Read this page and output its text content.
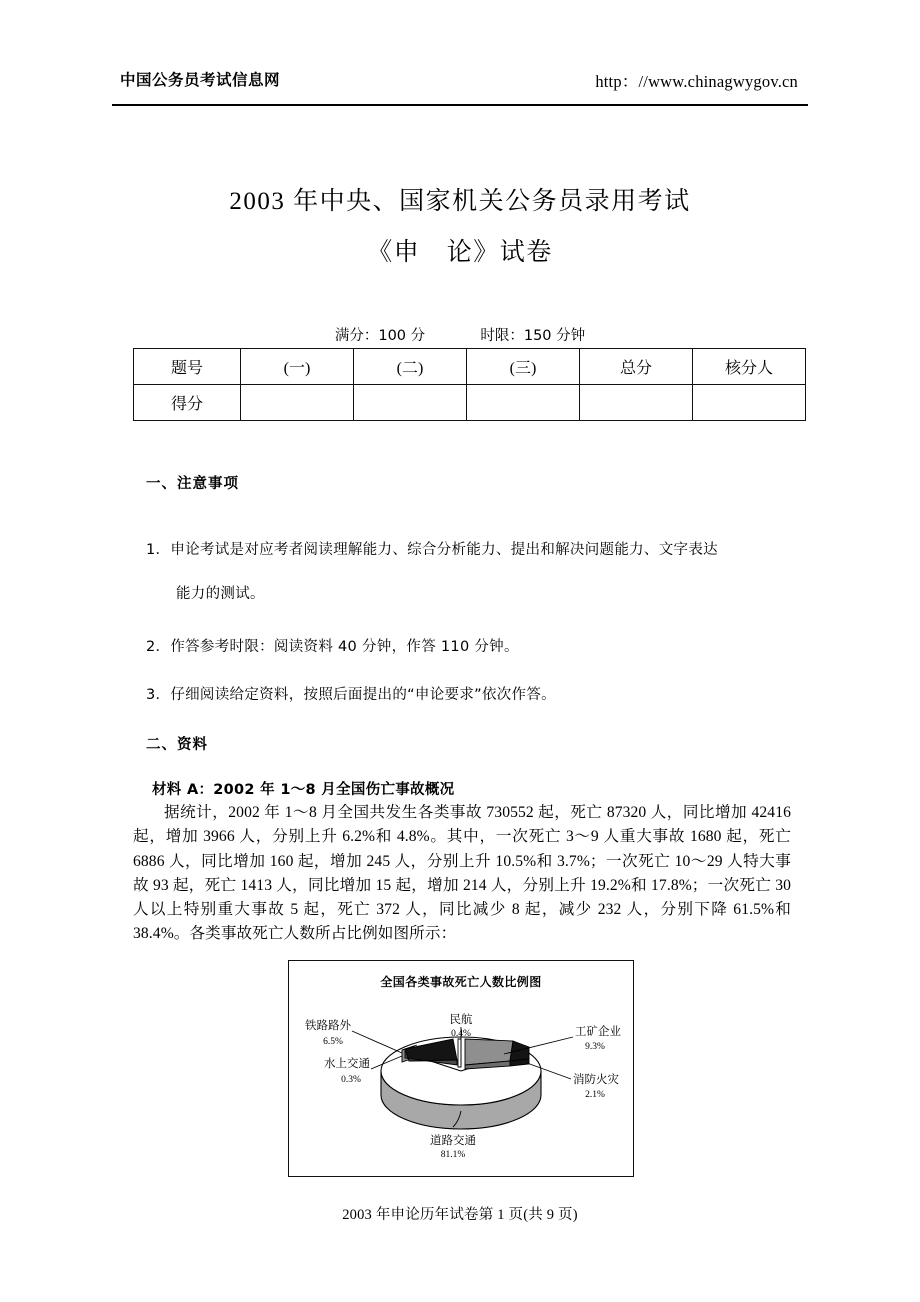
中国公务员考试信息网	http：//www.chinagwygov.cn
2003 年中央、国家机关公务员录用考试
《申　论》试卷
满分：100 分	时限：150 分钟
题号	(一)	(二)	(三)	总分	核分人
得分					
一、注意事项
1．申论考试是对应考者阅读理解能力、综合分析能力、提出和解决问题能力、文字表达
能力的测试。
2．作答参考时限：阅读资料 40 分钟，作答 110 分钟。
3．仔细阅读给定资料，按照后面提出的“申论要求”依次作答。
二、资料
材料 A：2002 年 1～8 月全国伤亡事故概况
据统计，2002 年 1～8 月全国共发生各类事故 730552 起，死亡 87320 人，同比增加 42416 起，增加 3966 人，分别上升 6.2%和 4.8%。其中，一次死亡 3～9 人重大事故 1680 起，死亡 6886 人，同比增加 160 起，增加 245 人，分别上升 10.5%和 3.7%；一次死亡 10～29 人特大事故 93 起，死亡 1413 人，同比增加 15 起，增加 214 人，分别上升 19.2%和 17.8%；一次死亡 30 人以上特别重大事故 5 起，死亡 372 人，同比减少 8 起，减少 232 人，分别下降 61.5%和 38.4%。各类事故死亡人数所占比例如图所示：
全国各类事故死亡人数比例图
铁路路外
6.5%
水上交通
0.3%
民航
0.4%	工矿企业
9.3%
消防火灾
2.1%
道路交通
81.1%
2003 年申论历年试卷第 1 页(共 9 页)
